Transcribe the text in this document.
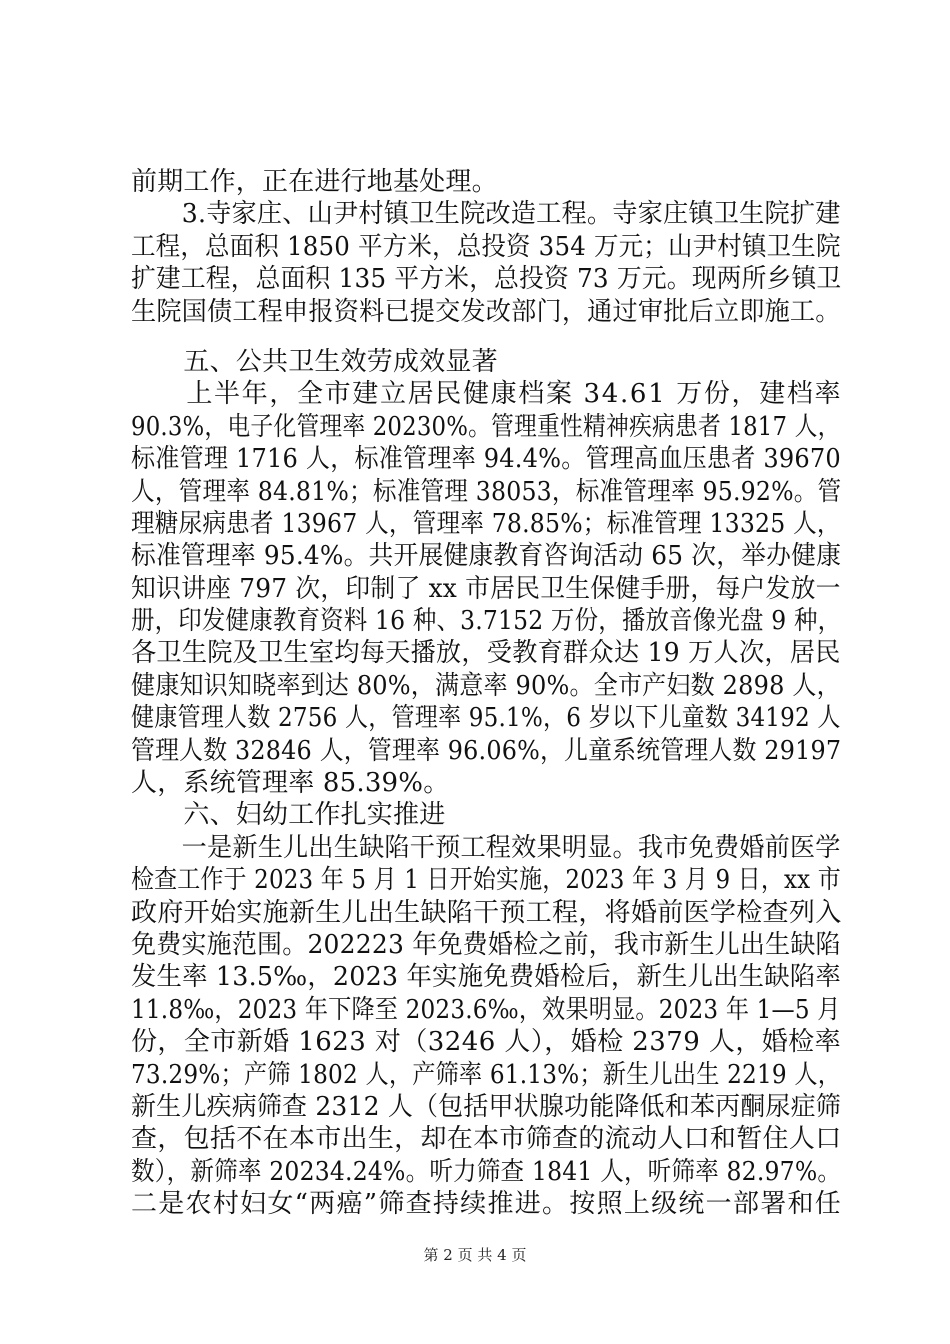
前期工作，正在进行地基处理。
　　3.寺家庄、山尹村镇卫生院改造工程。寺家庄镇卫生院扩建
工程，总面积 1850 平方米，总投资 354 万元；山尹村镇卫生院
扩建工程，总面积 135 平方米，总投资 73 万元。现两所乡镇卫
生院国债工程申报资料已提交发改部门，通过审批后立即施工。
　　五、公共卫生效劳成效显著
　　上半年，全市建立居民健康档案 34.61 万份，建档率
90.3%，电子化管理率 20230%。管理重性精神疾病患者 1817 人，
标准管理 1716 人，标准管理率 94.4%。管理高血压患者 39670
人，管理率 84.81%；标准管理 38053，标准管理率 95.92%。管
理糖尿病患者 13967 人，管理率 78.85%；标准管理 13325 人，
标准管理率 95.4%。共开展健康教育咨询活动 65 次，举办健康
知识讲座 797 次，印制了 xx 市居民卫生保健手册，每户发放一
册，印发健康教育资料 16 种、3.7152 万份，播放音像光盘 9 种，
各卫生院及卫生室均每天播放，受教育群众达 19 万人次，居民
健康知识知晓率到达 80%，满意率 90%。全市产妇数 2898 人，
健康管理人数 2756 人，管理率 95.1%，6 岁以下儿童数 34192 人
管理人数 32846 人，管理率 96.06%，儿童系统管理人数 29197
人，系统管理率 85.39%。
　　六、妇幼工作扎实推进
　　一是新生儿出生缺陷干预工程效果明显。我市免费婚前医学
检查工作于 2023 年 5 月 1 日开始实施，2023 年 3 月 9 日，xx 市
政府开始实施新生儿出生缺陷干预工程，将婚前医学检查列入
免费实施范围。202223 年免费婚检之前，我市新生儿出生缺陷
发生率 13.5‰，2023 年实施免费婚检后，新生儿出生缺陷率
11.8‰，2023 年下降至 2023.6‰，效果明显。2023 年 1—5 月
份，全市新婚 1623 对（3246 人），婚检 2379 人，婚检率
73.29%；产筛 1802 人，产筛率 61.13%；新生儿出生 2219 人，
新生儿疾病筛查 2312 人（包括甲状腺功能降低和苯丙酮尿症筛
查，包括不在本市出生，却在本市筛查的流动人口和暂住人口
数），新筛率 20234.24%。听力筛查 1841 人，听筛率 82.97%。
二是农村妇女“两癌”筛查持续推进。按照上级统一部署和任
第 2 页 共 4 页
